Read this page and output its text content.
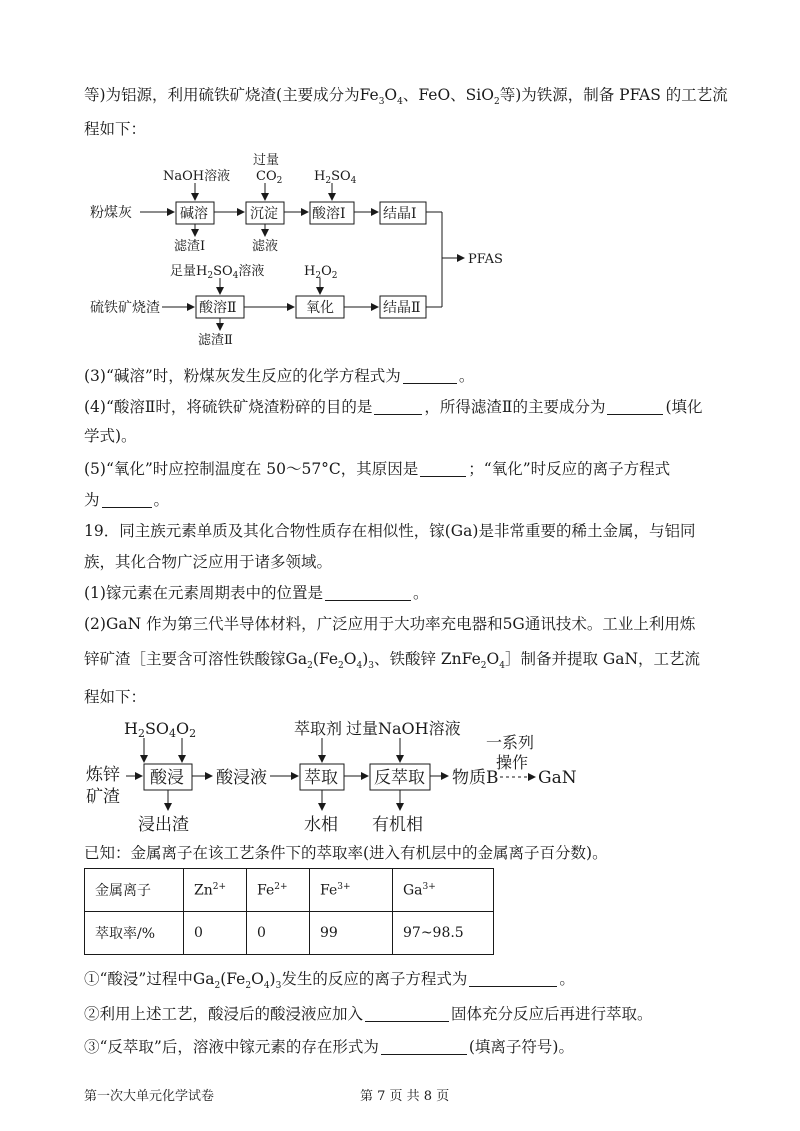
等)为铝源，利用硫铁矿烧渣(主要成分为$Fe_3O_4$、FeO、SiO$_2$等)为铁源，制备 PFAS 的工艺流
程如下：
粉煤灰	碱溶	沉淀 酸溶Ⅰ	结晶Ⅰ
NaOH溶液
过量
$CO_2$ $H_2SO_4$
滤渣Ⅰ	滤液
PFAS
硫铁矿烧渣	酸溶Ⅱ	氧化	结晶Ⅱ
足量$H_2SO_4$溶液	$H_2O_2$
滤渣Ⅱ
(3)“碱溶”时，粉煤灰发生反应的化学方程式为	。
(4)“酸溶Ⅱ时，将硫铁矿烧渣粉碎的目的是	，所得滤渣Ⅱ的主要成分为	(填化
学式)。
(5)“氧化”时应控制温度在 50～57°C，其原因是	；“氧化”时反应的离子方程式
为	。
19．同主族元素单质及其化合物性质存在相似性，镓(Ga)是非常重要的稀土金属，与铝同
族，其化合物广泛应用于诸多领域。
(1)镓元素在元素周期表中的位置是	。
(2)GaN 作为第三代半导体材料，广泛应用于大功率充电器和5G通讯技术。工业上利用炼
锌矿渣［主要含可溶性铁酸镓$Ga_2(Fe_2O_4)_3$、铁酸锌 $ZnFe_2O_4]$制备并提取 GaN，工艺流
程如下：
H2SO4 O2
炼锌
矿渣
酸浸 酸浸液 萃取 反萃取 物质B
一系列
操作
GaN
萃取剂 过量NaOH溶液
浸出渣	水相 有机相
已知：金属离子在该工艺条件下的萃取率(进入有机层中的金属离子百分数)。
金属离子	$Zn^{2+}$	$Fe^{2+}$	$Fe^{3+}$	$Ga^{3+}$
萃取率/%	0	0	99	97~98.5
①“酸浸”过程中$Ga_2(Fe_2O_4)_3$发生的反应的离子方程式为	。
②利用上述工艺，酸浸后的酸浸液应加入	固体充分反应后再进行萃取。
③“反萃取”后，溶液中镓元素的存在形式为	(填离子符号)。
第一次大单元化学试卷	第 7 页 共 8 页
